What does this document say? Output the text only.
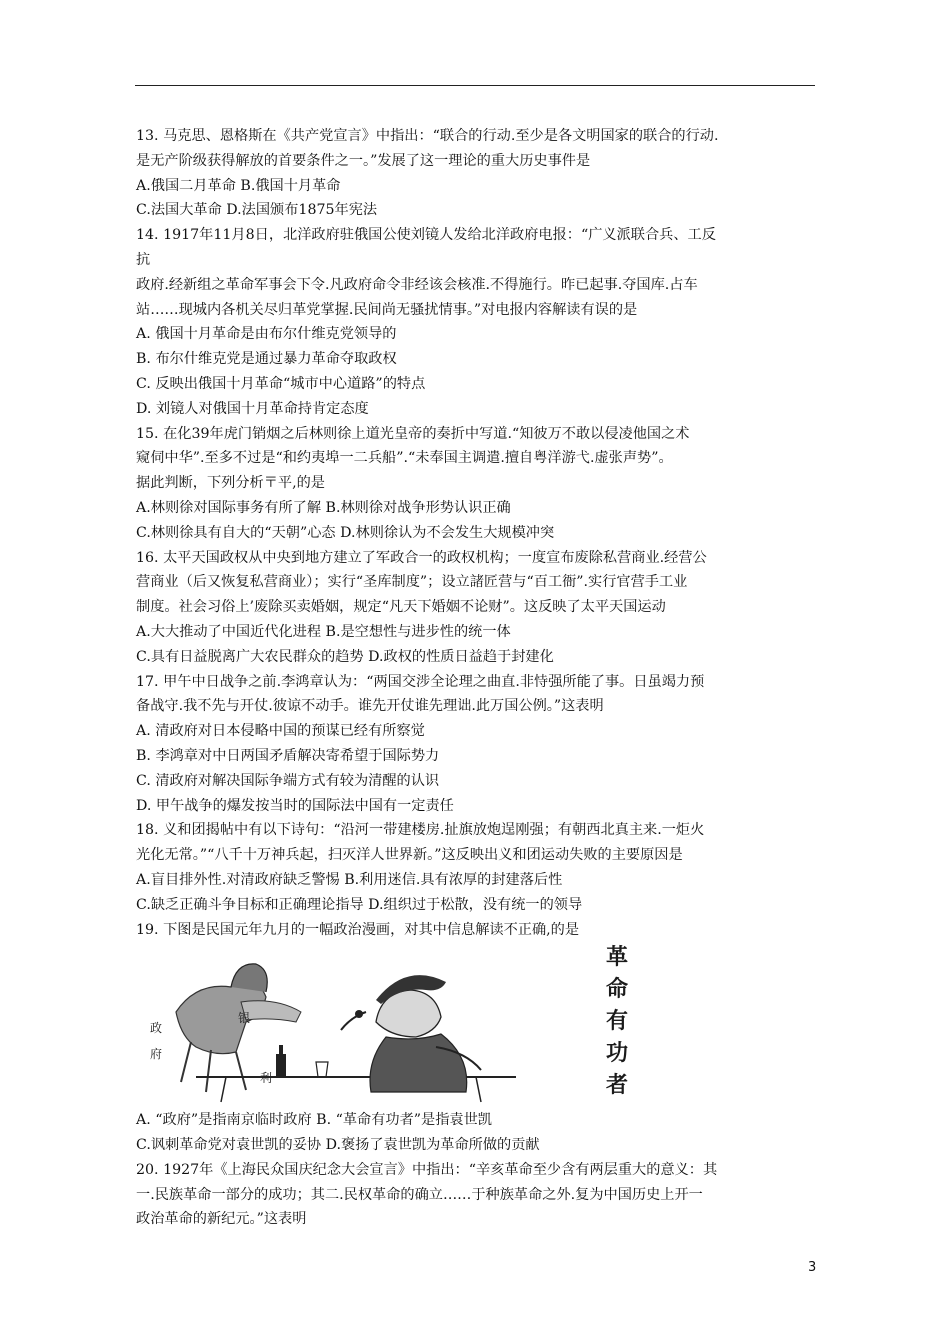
13. 马克思、恩格斯在《共产党宣言》中指出：“联合的行动.至少是各文明国家的联合的行动.
是无产阶级获得解放的首要条件之一。”发展了这一理论的重大历史事件是
A.俄国二月革命 B.俄国十月革命
C.法国大革命 D.法国颁布1875年宪法
14. 1917年11月8日，北洋政府驻俄国公使刘镜人发给北洋政府电报：“广义派联合兵、工反
抗
政府.经新组之革命军事会下令.凡政府命令非经该会核准.不得施行。昨已起事.夺国库.占车
站……现城内各机关尽归革党掌握.民间尚无骚扰情事。”对电报内容解读有误的是
A. 俄国十月革命是由布尔什维克党领导的
B. 布尔什维克党是通过暴力革命夺取政权
C. 反映出俄国十月革命“城市中心道路”的特点
D. 刘镜人对俄国十月革命持肯定态度
15. 在化39年虎门销烟之后林则徐上道光皇帝的奏折中写道.“知彼万不敢以侵凌他国之术
窥伺中华”.至多不过是“和约夷埠一二兵船”.“未奉国主调遣.擅自粤洋游弋.虚张声势”。
据此判断，下列分析〒平,的是
A.林则徐对国际事务有所了解 B.林则徐对战争形势认识正确
C.林则徐具有自大的“天朝”心态 D.林则徐认为不会发生大规模冲突
16. 太平天国政权从中央到地方建立了军政合一的政权机构；一度宣布废除私营商业.经营公
营商业（后又恢复私营商业）；实行“圣库制度”；设立諸匠营与“百工衙”.实行官营手工业
制度。社会习俗上’废除买卖婚姻，规定“凡天下婚姻不论财”。这反映了太平天国运动
A.大大推动了中国近代化进程 B.是空想性与进步性的统一体
C.具有日益脱离广大农民群众的趋势 D.政权的性质日益趋于封建化
17. 甲午中日战争之前.李鸿章认为：“两国交涉全论理之曲直.非恃强所能了事。日虽竭力预
备战守.我不先与开仗.彼谅不动手。谁先开仗谁先理诎.此万国公例。”这表明
A. 清政府对日本侵略中国的预谋已经有所察觉
B. 李鸿章对中日两国矛盾解决寄希望于国际势力
C. 清政府对解决国际争端方式有较为清醒的认识
D. 甲午战争的爆发按当时的国际法中国有一定责任
18. 义和团揭帖中有以下诗句：“沿河一带建楼房.扯旗放炮逞刚强；有朝西北真主来.一炬火
光化无常。”“八千十万神兵起，扫灭洋人世界新。”这反映出义和团运动失败的主要原因是
A.盲目排外性.对清政府缺乏警惕 B.利用迷信.具有浓厚的封建落后性
C.缺乏正确斗争目标和正确理论指导 D.组织过于松散，没有统一的领导
19. 下图是民国元年九月的一幅政治漫画，对其中信息解读不正确,的是
政
府
银
利
革
命
有
功
者
A. “政府”是指南京临时政府 B. “革命有功者”是指袁世凯
C.讽刺革命党对袁世凯的妥协 D.褒扬了袁世凯为革命所做的贡献
20. 1927年《上海民众国庆纪念大会宣言》中指出：“辛亥革命至少含有两层重大的意义：其
一.民族革命一部分的成功；其二.民权革命的确立……于种族革命之外.复为中国历史上开一
政治革命的新纪元。”这表明
3
